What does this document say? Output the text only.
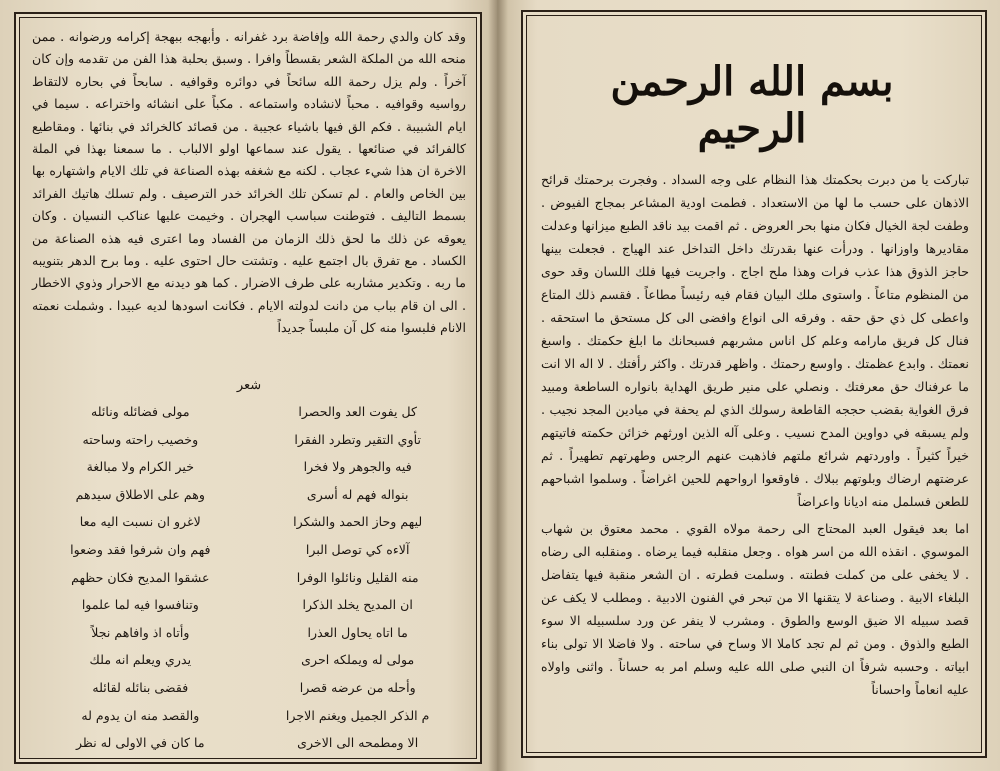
وقد كان والدي رحمة الله وإفاضة برد غفرانه . وأبهجه ببهجة إكرامه ورضوانه . ممن منحه الله من الملكة الشعر بقسطاً وافرا . وسبق بحلبة هذا الفن من تقدمه وإن كان آخراً . ولم يزل رحمة الله سائحاً في دوائره وقوافيه . سابحاً في بحاره لالتقاط رواسيه وقوافيه . محباً لانشاده واستماعه . مكباً على انشائه واختراعه . سيما في ايام الشبيبة . فكم الق فيها باشياء عجيبة . من قصائد كالخرائد في بنائها . ومقاطيع كالفرائد في صنائعها . يقول عند سماعها اولو الالباب . ما سمعنا بهذا في الملة الاخرة ان هذا شيء عجاب . لكنه مع شغفه بهذه الصناعة في تلك الايام واشتهاره بها بين الخاص والعام . لم تسكن تلك الخرائد خدر الترصيف . ولم تسلك هاتيك الفرائد بسمط التاليف . فتوطنت سباسب الهجران . وخيمت عليها عناكب النسيان . وكان يعوقه عن ذلك ما لحق ذلك الزمان من الفساد وما اعترى فيه هذه الصناعة من الكساد . مع تفرق بال اجتمع عليه . وتشتت حال احتوى عليه . وما برح الدهر بتنويبه ما ربه . وتكدير مشاربه على طرف الاضرار . كما هو ديدنه مع الاحرار وذوي الاخطار . الى ان قام بباب من دانت لدولته الايام . فكانت اسودها لديه عبيدا . وشملت نعمته الانام فلبسوا منه كل آن ملبساً جديداً
شعر
كل يفوت العد والحصرا
مولى فضائله ونائله
تأوي التقير وتطرد الفقرا
وخصيب راحته وساحته
فيه والجوهر ولا فخرا
خير الكرام ولا مبالغة
بنواله فهم له أسرى
وهم على الاطلاق سيدهم
ليهم وحاز الحمد والشكرا
لاغرو ان نسبت اليه معا
آلاءه كي توصل البرا
فهم وان شرفوا فقد وضعوا
منه القليل ونائلوا الوفرا
عشقوا المديح فكان حظهم
ان المديح يخلد الذكرا
وتنافسوا فيه لما علموا
ما اتاه يحاول العذرا
وأتاه اذ وافاهم نجلاً
مولى له ويملكه احرى
يدري ويعلم انه ملك
وأحله من عرضه قصرا
فقضى بنائله لقائله
م الذكر الجميل ويغنم الاجرا
والقصد منه ان يدوم له
الا ومطمحه الى الاخرى
ما كان في الاولى له نظر
بسم الله الرحمن الرحيم

تباركت يا من دبرت بحكمتك هذا النظام على وجه السداد . وفجرت برحمتك قرائح الاذهان على حسب ما لها من الاستعداد . فطمت اودية المشاعر بمجاج الفيوض . وطفت لجة الخيال فكان منها بحر العروض . ثم اقمت بيد ناقد الطبع ميزانها وعدلت مقاديرها واوزانها . ودرأت عنها بقدرتك داخل التداخل عند الهياج . فجعلت بينها حاجز الذوق هذا عذب فرات وهذا ملح اجاج . واجريت فيها فلك اللسان وقد حوى من المنظوم متاعاً . واستوى ملك البيان فقام فيه رئيساً مطاعاً . فقسم ذلك المتاع واعطى كل ذي حق حقه . وفرقه الى انواع وافضى الى كل مستحق ما استحقه . فنال كل فريق مارامه وعلم كل اناس مشربهم فسبحانك ما ابلغ حكمتك . واسبغ نعمتك . وابدع عظمتك . واوسع رحمتك . واظهر قدرتك . واكثر رأفتك . لا اله الا انت ما عرفناك حق معرفتك . ونصلي على منير طريق الهداية بانواره الساطعة ومبيد فرق الغواية بقضب حججه القاطعة رسولك الذي لم يحفة في ميادين المجد نجيب . ولم يسبقه في دواوين المدح نسيب . وعلى آله الذين اورثهم خزائن حكمته فاتيتهم خيراً كثيراً . واوردتهم شرائع ملتهم فاذهبت عنهم الرجس وطهرتهم تطهيراً . ثم عرضتهم ارضاك وبلوتهم ببلاك . فاوقعوا ارواحهم للحين اغراضاً . وسلموا اشباحهم للطعن فسلمل منه اديانا واعراضاً

اما بعد فيقول العبد المحتاج الى رحمة مولاه القوي . محمد معتوق بن شهاب الموسوي . انقذه الله من اسر هواه . وجعل منقلبه فيما يرضاه . ومنقلبه الى رضاه . لا يخفى على من كملت فطنته . وسلمت فطرته . ان الشعر منقبة فيها يتفاضل البلغاء الابية . وصناعة لا يتقنها الا من تبحر في الفنون الادبية . ومطلب لا يكف عن قصد سبيله الا ضيق الوسع والطوق . ومشرب لا ينفر عن ورد سلسبيله الا سوء الطبع والذوق . ومن ثم لم تجد كاملا الا وساح في ساحته . ولا فاضلا الا تولى بناء ابياته . وحسبه شرفاً ان النبي صلى الله عليه وسلم امر به حساناً . واثنى واولاه عليه انعاماً واحساناً
